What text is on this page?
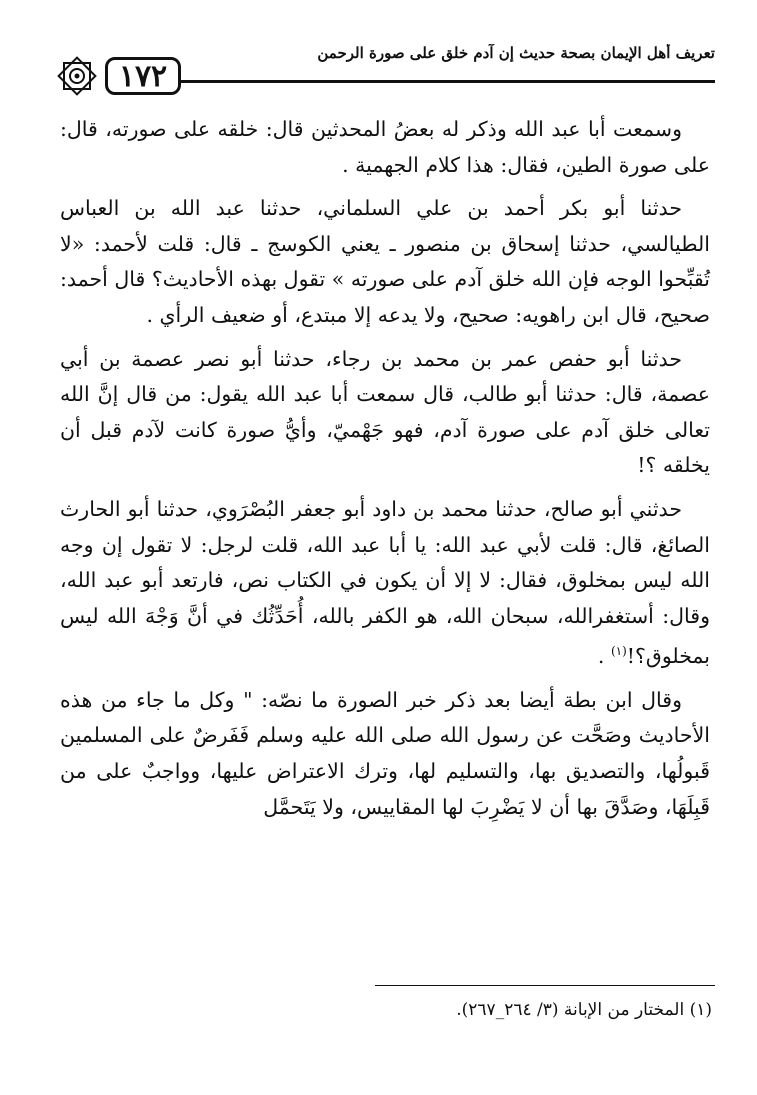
تعريف أهل الإيمان بصحة حديث إن آدم خلق على صورة الرحمن
١٧٢

وسمعت أبا عبد الله وذكر له بعضُ المحدثين قال: خلقه على صورته، قال: على صورة الطين، فقال: هذا كلام الجهمية .

حدثنا أبو بكر أحمد بن علي السلماني، حدثنا عبد الله بن العباس الطيالسي، حدثنا إسحاق بن منصور ـ يعني الكوسج ـ قال: قلت لأحمد: «لا تُقبِّحوا الوجه فإن الله خلق آدم على صورته » تقول بهذه الأحاديث؟ قال أحمد: صحيح، قال ابن راهويه: صحيح، ولا يدعه إلا مبتدع، أو ضعيف الرأي .

حدثنا أبو حفص عمر بن محمد بن رجاء، حدثنا أبو نصر عصمة بن أبي عصمة، قال: حدثنا أبو طالب، قال سمعت أبا عبد الله يقول: من قال إنَّ الله تعالى خلق آدم على صورة آدم، فهو جَهْميّ، وأيُّ صورة كانت لآدم قبل أن يخلقه ؟!

حدثني أبو صالح، حدثنا محمد بن داود أبو جعفر البُصْرَوي، حدثنا أبو الحارث الصائغ، قال: قلت لأبي عبد الله: يا أبا عبد الله، قلت لرجل: لا تقول إن وجه الله ليس بمخلوق، فقال: لا إلا أن يكون في الكتاب نص، فارتعد أبو عبد الله، وقال: أستغفرالله، سبحان الله، هو الكفر بالله، أُحَدِّثُك في أنَّ وَجْهَ الله ليس بمخلوق؟!$^{(١)}$ .

وقال ابن بطة أيضا بعد ذكر خبر الصورة ما نصّه: " وكل ما جاء من هذه الأحاديث وصَحَّت عن رسول الله صلى الله عليه وسلم فَفَرضٌ على المسلمين قَبولُها، والتصديق بها، والتسليم لها، وترك الاعتراض عليها، وواجبٌ على من قَبِلَهَا، وصَدَّقَ بها أن لا يَضْرِبَ لها المقاييس، ولا يَتَحمَّل

(١) المختار من الإبانة (٣/ ٢٦٤_٢٦٧).
